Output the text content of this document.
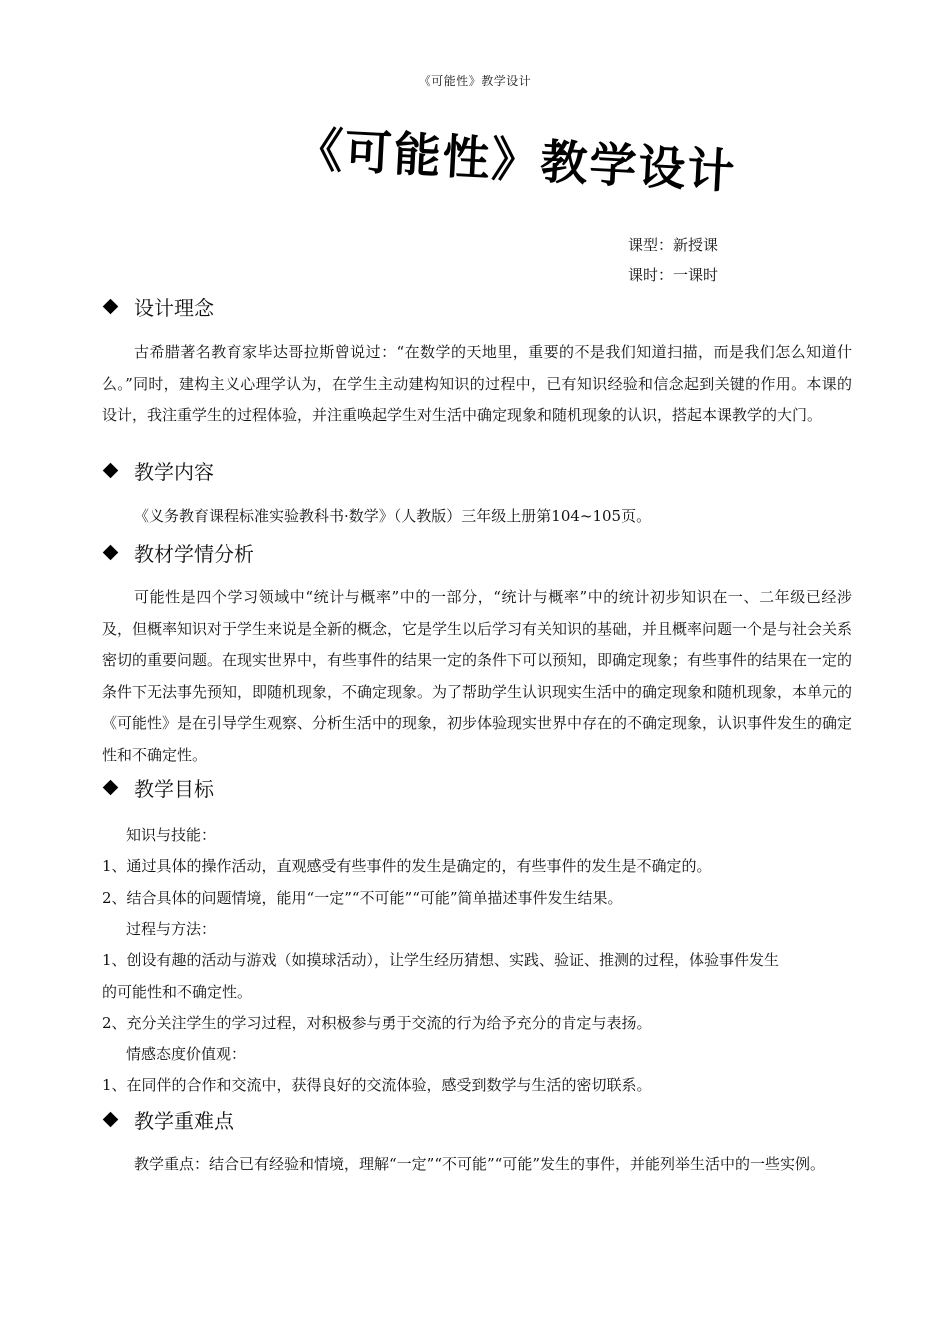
《可能性》教学设计
《可能性》教学设计
课型：新授课
课时：一课时
设计理念
古希腊著名教育家毕达哥拉斯曾说过：“在数学的天地里，重要的不是我们知道扫描，而是我们怎么知道什么。”同时，建构主义心理学认为，在学生主动建构知识的过程中，已有知识经验和信念起到关键的作用。本课的设计，我注重学生的过程体验，并注重唤起学生对生活中确定现象和随机现象的认识，搭起本课教学的大门。
教学内容
《义务教育课程标准实验教科书·数学》（人教版）三年级上册第104~105页。
教材学情分析
可能性是四个学习领域中“统计与概率”中的一部分，“统计与概率”中的统计初步知识在一、二年级已经涉及，但概率知识对于学生来说是全新的概念，它是学生以后学习有关知识的基础，并且概率问题一个是与社会关系密切的重要问题。在现实世界中，有些事件的结果一定的条件下可以预知，即确定现象；有些事件的结果在一定的条件下无法事先预知，即随机现象，不确定现象。为了帮助学生认识现实生活中的确定现象和随机现象，本单元的《可能性》是在引导学生观察、分析生活中的现象，初步体验现实世界中存在的不确定现象，认识事件发生的确定性和不确定性。
教学目标
知识与技能：
1、通过具体的操作活动，直观感受有些事件的发生是确定的，有些事件的发生是不确定的。
2、结合具体的问题情境，能用“一定”“不可能”“可能”简单描述事件发生结果。
过程与方法：
1、创设有趣的活动与游戏（如摸球活动），让学生经历猜想、实践、验证、推测的过程，体验事件发生
的可能性和不确定性。
2、充分关注学生的学习过程，对积极参与勇于交流的行为给予充分的肯定与表扬。
情感态度价值观：
1、在同伴的合作和交流中，获得良好的交流体验，感受到数学与生活的密切联系。
教学重难点
教学重点：结合已有经验和情境，理解“一定”“不可能”“可能”发生的事件，并能列举生活中的一些实例。
